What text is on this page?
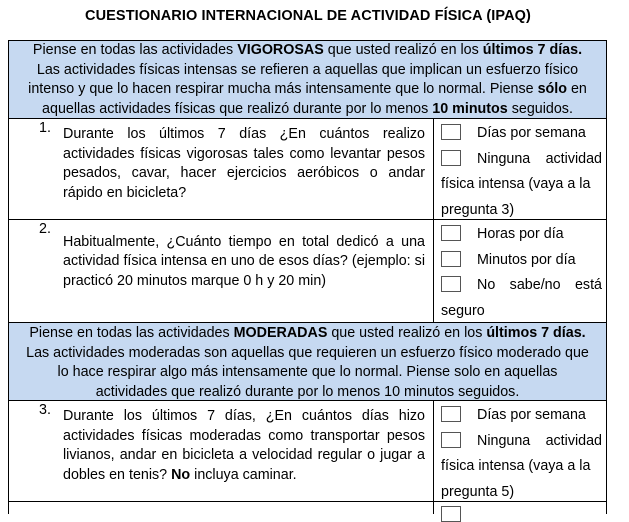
CUESTIONARIO INTERNACIONAL DE ACTIVIDAD FÍSICA (IPAQ)
Piense en todas las actividades VIGOROSAS que usted realizó en los últimos 7 días.
Las actividades físicas intensas se refieren a aquellas que implican un esfuerzo físico
intenso y que lo hacen respirar mucha más intensamente que lo normal. Piense sólo en
aquellas actividades físicas que realizó durante por lo menos 10 minutos seguidos.
1. Durante los últimos 7 días ¿En cuántos realizo actividades físicas vigorosas tales como levantar pesos pesados, cavar, hacer ejercicios aeróbicos o andar rápido en bicicleta?
Días por semana
Ninguna actividad
física intensa (vaya a la
pregunta 3)
2.
Habitualmente, ¿Cuánto tiempo en total dedicó a una actividad física intensa en uno de esos días? (ejemplo: si practicó 20 minutos marque 0 h y 20 min)
Horas por día
Minutos por día
No sabe/no está
seguro
Piense en todas las actividades MODERADAS que usted realizó en los últimos 7 días.
Las actividades moderadas son aquellas que requieren un esfuerzo físico moderado que
lo hace respirar algo más intensamente que lo normal. Piense solo en aquellas
actividades que realizó durante por lo menos 10 minutos seguidos.
3. Durante los últimos 7 días, ¿En cuántos días hizo actividades físicas moderadas como transportar pesos livianos, andar en bicicleta a velocidad regular o jugar a dobles en tenis? No incluya caminar.
Días por semana
Ninguna actividad
física intensa (vaya a la
pregunta 5)
